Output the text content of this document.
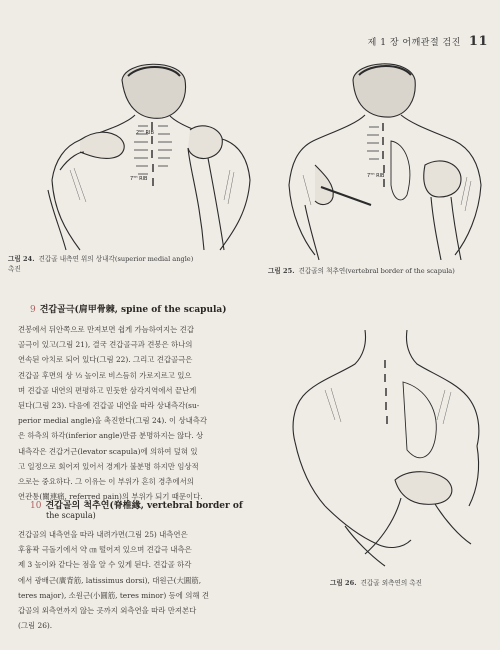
제 1 장 어깨관절 검진 11
2ᴺᴰ RIB
7ᵀᴴ RIB
그림 24. 견갑골 내측연 위의 상내각(superior medial angle)
촉진
7ᵀᴴ RIB
그림 25. 견갑골의 척추연(vertebral border of the scapula)
9 견갑골극(肩甲骨棘, spine of the scapula)

견봉에서 뒤안쪽으로 만져보면 쉽게 가늠하여지는 견갑

골극이 있고(그림 21), 결국 견갑골극과 견봉은 하나의

연속된 아치로 되어 있다(그림 22). 그리고 견갑골극은

견갑골 후면의 상 ⅓ 높이로 비스듬히 가로지르고 있으

며 견갑골 내연의 편평하고 민듯한 삼각지역에서 끝난게

된다(그림 23). 다음에 견갑골 내연을 따라 상내측각(su-

perior medial angle)을 촉진한다(그림 24). 이 상내측각

은 하측의 하각(inferior angle)만큼 분명하지는 않다. 상

내측각은 견갑거근(levator scapula)에 의하여 덮혀 있

고 일정으로 회어져 있어서 경계가 불분명 하지만 임상적

으로는 중요하다. 그 이유는 이 부위가 흔히 경추에서의

연관통(關連痛, referred pain)의 부위가 되기 때문이다.

10 견갑골의 척추연(脊椎緣, vertebral border of
the scapula)

견갑골의 내측연을 따라 내려가면(그림 25) 내측연은

후흉곽 극돌기에서 약 ㎝ 떨어져 있으며 견갑극 내측은

제 3 높이와 같다는 점을 알 수 있게 된다. 견갑골 하각

에서 광배근(廣背筋, latissimus dorsi), 대원근(大圓筋,

teres major), 소원근(小圓筋, teres minor) 등에 의해 견

갑골의 외측연까지 않는 곳까지 외측연을 따라 만져본다

(그림 26).

그림 26. 견갑골 외측연의 촉진
